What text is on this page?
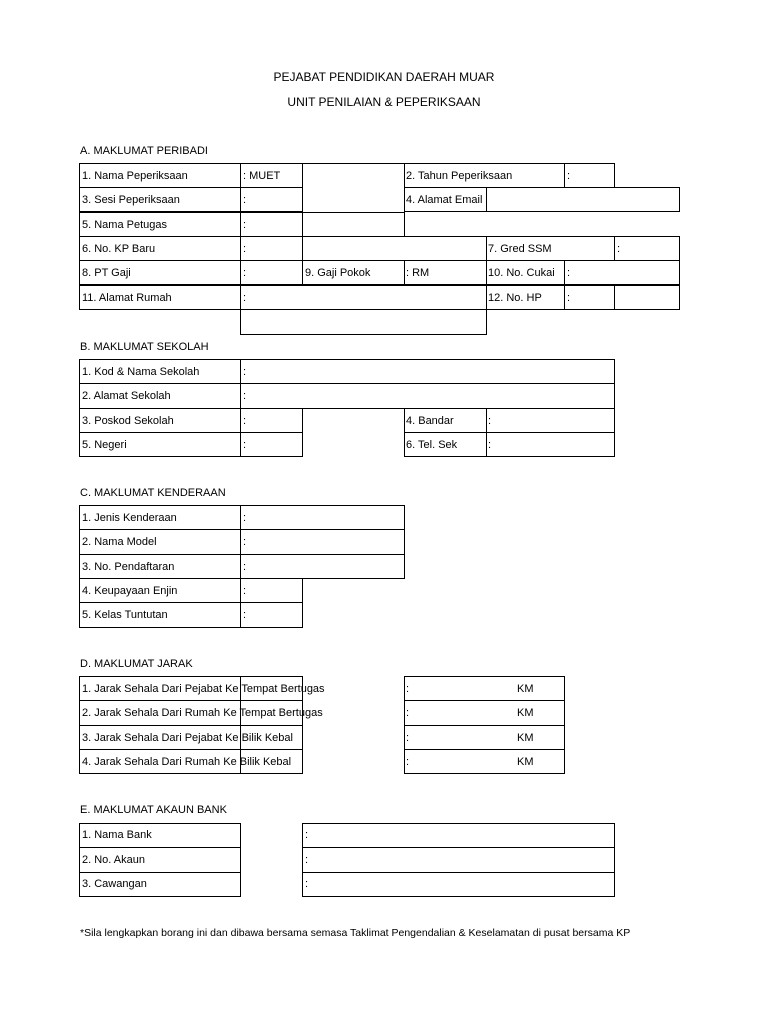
PEJABAT PENDIDIKAN DAERAH MUAR
UNIT PENILAIAN & PEPERIKSAAN
A. MAKLUMAT PERIBADI
1. Nama Peperiksaan	: MUET	2. Tahun Peperiksaan	:
3. Sesi Peperiksaan	:	4. Alamat Email
5. Nama Petugas	:
6. No. KP Baru	:	7. Gred SSM	:
8. PT Gaji	:	9. Gaji Pokok	: RM	10. No. Cukai :
11. Alamat Rumah	:	12. No. HP :
B. MAKLUMAT SEKOLAH
1. Kod & Nama Sekolah	:
2. Alamat Sekolah	:
3. Poskod Sekolah	:	4. Bandar	:
5. Negeri	:	6. Tel. Sek	:
C. MAKLUMAT KENDERAAN
1. Jenis Kenderaan	:
2. Nama Model	:
3. No. Pendaftaran	:
4. Keupayaan Enjin	:
5. Kelas Tuntutan	:
D. MAKLUMAT JARAK
1. Jarak Sehala Dari Pejabat Ke Tempat Bertugas	:	KM
2. Jarak Sehala Dari Rumah Ke Tempat Bertugas	:	KM
3. Jarak Sehala Dari Pejabat Ke Bilik Kebal	:	KM
4. Jarak Sehala Dari Rumah Ke Bilik Kebal	:	KM
E. MAKLUMAT AKAUN BANK
1. Nama Bank	:
2. No. Akaun	:
3. Cawangan	:
*Sila lengkapkan borang ini dan dibawa bersama semasa Taklimat Pengendalian & Keselamatan di pusat bersama KP
